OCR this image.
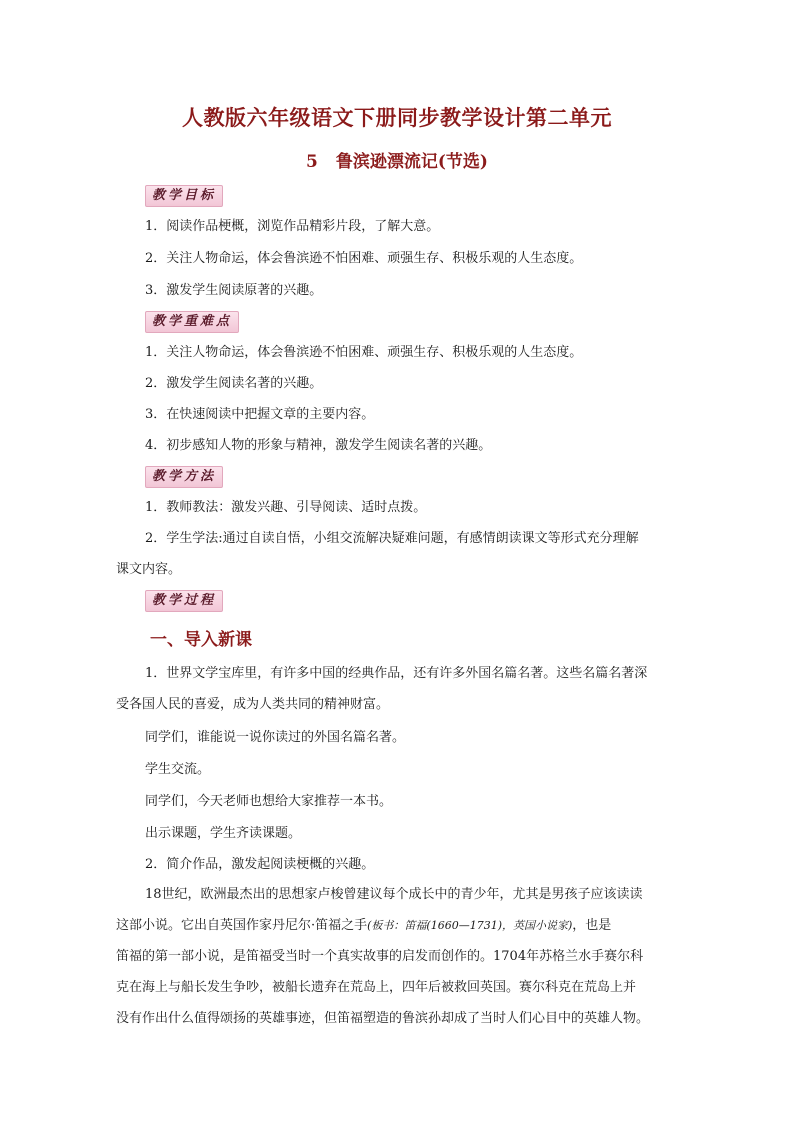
人教版六年级语文下册同步教学设计第二单元
5 鲁滨逊漂流记(节选)
教学目标
1．阅读作品梗概，浏览作品精彩片段，了解大意。
2．关注人物命运，体会鲁滨逊不怕困难、顽强生存、积极乐观的人生态度。
3．激发学生阅读原著的兴趣。
教学重难点
1．关注人物命运，体会鲁滨逊不怕困难、顽强生存、积极乐观的人生态度。
2．激发学生阅读名著的兴趣。
3．在快速阅读中把握文章的主要内容。
4．初步感知人物的形象与精神，激发学生阅读名著的兴趣。
教学方法
1．教师教法：激发兴趣、引导阅读、适时点拨。
2．学生学法:通过自读自悟，小组交流解决疑难问题，有感情朗读课文等形式充分理解
课文内容。
教学过程
一、导入新课
1．世界文学宝库里，有许多中国的经典作品，还有许多外国名篇名著。这些名篇名著深
受各国人民的喜爱，成为人类共同的精神财富。
同学们，谁能说一说你读过的外国名篇名著。
学生交流。
同学们，今天老师也想给大家推荐一本书。
出示课题，学生齐读课题。
2．简介作品，激发起阅读梗概的兴趣。
18世纪，欧洲最杰出的思想家卢梭曾建议每个成长中的青少年，尤其是男孩子应该读读
这部小说。它出自英国作家丹尼尔·笛福之手(板书：笛福(1660—1731)，英国小说家)，也是
笛福的第一部小说，是笛福受当时一个真实故事的启发而创作的。1704年苏格兰水手赛尔科
克在海上与船长发生争吵，被船长遗弃在荒岛上，四年后被救回英国。赛尔科克在荒岛上并
没有作出什么值得颂扬的英雄事迹，但笛福塑造的鲁滨孙却成了当时人们心目中的英雄人物。
